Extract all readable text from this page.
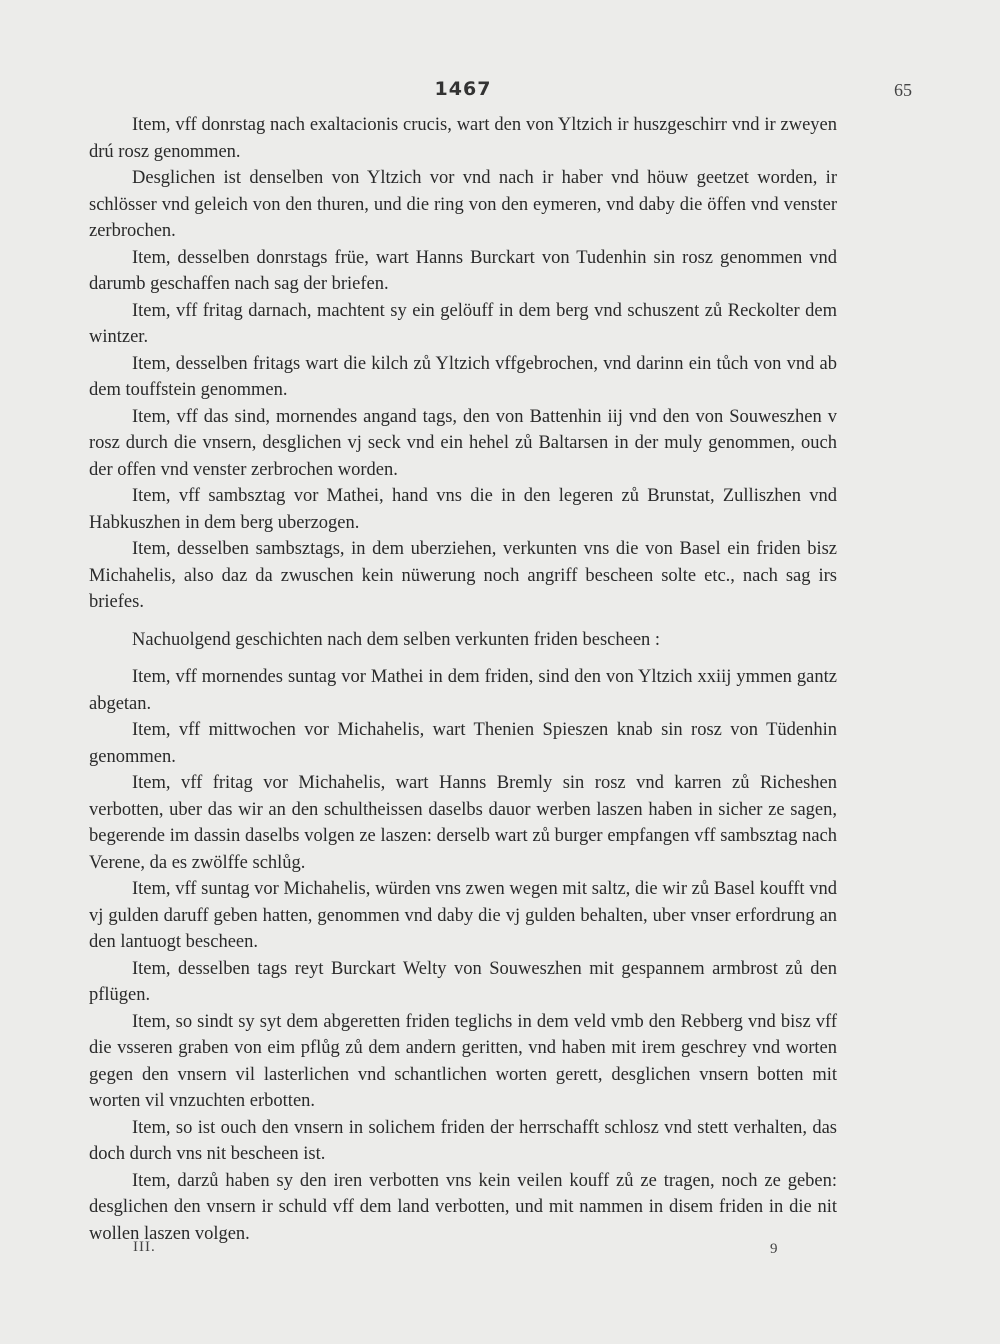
1467	65

Item, vff donrstag nach exaltacionis crucis, wart den von Yltzich ir huszgeschirr vnd ir zweyen drú rosz genommen.

Desglichen ist denselben von Yltzich vor vnd nach ir haber vnd höuw geetzet worden, ir schlösser vnd geleich von den thuren, und die ring von den eymeren, vnd daby die öffen vnd venster zerbrochen.

Item, desselben donrstags früe, wart Hanns Burckart von Tudenhin sin rosz genommen vnd darumb geschaffen nach sag der briefen.

Item, vff fritag darnach, machtent sy ein gelöuff in dem berg vnd schuszent zů Reckolter dem wintzer.

Item, desselben fritags wart die kilch zů Yltzich vffgebrochen, vnd darinn ein tůch von vnd ab dem touffstein genommen.

Item, vff das sind, mornendes angand tags, den von Battenhin iij vnd den von Souweszhen v rosz durch die vnsern, desglichen vj seck vnd ein hehel zů Baltarsen in der muly genommen, ouch der offen vnd venster zerbrochen worden.

Item, vff sambsztag vor Mathei, hand vns die in den legeren zů Brunstat, Zulliszhen vnd Habkuszhen in dem berg uberzogen.

Item, desselben sambsztags, in dem uberziehen, verkunten vns die von Basel ein friden bisz Michahelis, also daz da zwuschen kein nüwerung noch angriff bescheen solte etc., nach sag irs briefes.

Nachuolgend geschichten nach dem selben verkunten friden bescheen :

Item, vff mornendes suntag vor Mathei in dem friden, sind den von Yltzich xxiij ymmen gantz abgetan.

Item, vff mittwochen vor Michahelis, wart Thenien Spieszen knab sin rosz von Tüdenhin genommen.

Item, vff fritag vor Michahelis, wart Hanns Bremly sin rosz vnd karren zů Richeshen verbotten, uber das wir an den schultheissen daselbs dauor werben laszen haben in sicher ze sagen, begerende im dassin daselbs volgen ze laszen: derselb wart zů burger empfangen vff sambsztag nach Verene, da es zwölffe schlůg.

Item, vff suntag vor Michahelis, würden vns zwen wegen mit saltz, die wir zů Basel koufft vnd vj gulden daruff geben hatten, genommen vnd daby die vj gulden behalten, uber vnser erfordrung an den lantuogt bescheen.

Item, desselben tags reyt Burckart Welty von Souweszhen mit gespannem armbrost zů den pflügen.

Item, so sindt sy syt dem abgeretten friden teglichs in dem veld vmb den Rebberg vnd bisz vff die vsseren graben von eim pflůg zů dem andern geritten, vnd haben mit irem geschrey vnd worten gegen den vnsern vil lasterlichen vnd schantlichen worten gerett, desglichen vnsern botten mit worten vil vnzuchten erbotten.

Item, so ist ouch den vnsern in solichem friden der herrschafft schlosz vnd stett verhalten, das doch durch vns nit bescheen ist.

Item, darzů haben sy den iren verbotten vns kein veilen kouff zů ze tragen, noch ze geben: desglichen den vnsern ir schuld vff dem land verbotten, und mit nammen in disem friden in die nit wollen laszen volgen.

III.	9
